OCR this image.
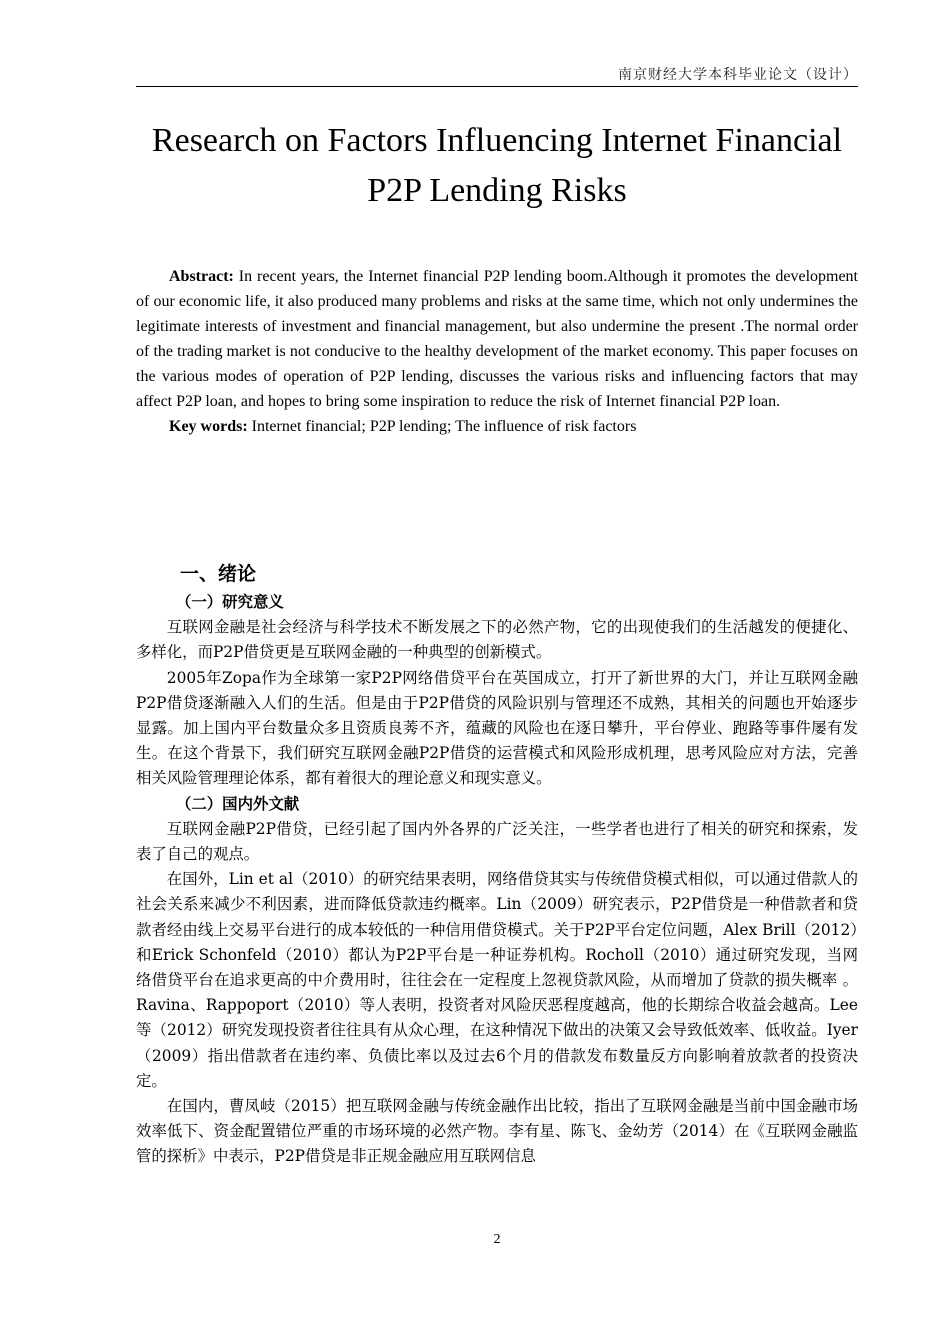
南京财经大学本科毕业论文（设计）
Research on Factors Influencing Internet Financial
P2P Lending Risks

Abstract: In recent years, the Internet financial P2P lending boom.Although it promotes the development of our economic life, it also produced many problems and risks at the same time, which not only undermines the legitimate interests of investment and financial management, but also undermine the present .The normal order of the trading market is not conducive to the healthy development of the market economy. This paper focuses on the various modes of operation of P2P lending, discusses the various risks and influencing factors that may affect P2P loan, and hopes to bring some inspiration to reduce the risk of Internet financial P2P loan.

Key words: Internet financial; P2P lending; The influence of risk factors

一、绪论
（一）研究意义

互联网金融是社会经济与科学技术不断发展之下的必然产物，它的出现使我们的生活越发的便捷化、多样化，而P2P借贷更是互联网金融的一种典型的创新模式。

2005年Zopa作为全球第一家P2P网络借贷平台在英国成立，打开了新世界的大门，并让互联网金融P2P借贷逐渐融入人们的生活。但是由于P2P借贷的风险识别与管理还不成熟，其相关的问题也开始逐步显露。加上国内平台数量众多且资质良莠不齐，蕴藏的风险也在逐日攀升，平台停业、跑路等事件屡有发生。在这个背景下，我们研究互联网金融P2P借贷的运营模式和风险形成机理，思考风险应对方法，完善相关风险管理理论体系，都有着很大的理论意义和现实意义。

（二）国内外文献

互联网金融P2P借贷，已经引起了国内外各界的广泛关注，一些学者也进行了相关的研究和探索，发表了自己的观点。

在国外，Lin et al（2010）的研究结果表明，网络借贷其实与传统借贷模式相似，可以通过借款人的社会关系来减少不利因素，进而降低贷款违约概率。Lin（2009）研究表示，P2P借贷是一种借款者和贷款者经由线上交易平台进行的成本较低的一种信用借贷模式。关于P2P平台定位问题，Alex Brill（2012）和Erick Schonfeld（2010）都认为P2P平台是一种证券机构。Rocholl（2010）通过研究发现，当网络借贷平台在追求更高的中介费用时，往往会在一定程度上忽视贷款风险，从而增加了贷款的损失概率 。Ravina、Rappoport（2010）等人表明，投资者对风险厌恶程度越高，他的长期综合收益会越高。Lee等（2012）研究发现投资者往往具有从众心理，在这种情况下做出的决策又会导致低效率、低收益。Iyer（2009）指出借款者在违约率、负债比率以及过去6个月的借款发布数量反方向影响着放款者的投资决定。

在国内，曹凤岐（2015）把互联网金融与传统金融作出比较，指出了互联网金融是当前中国金融市场效率低下、资金配置错位严重的市场环境的必然产物。李有星、陈飞、金幼芳（2014）在《互联网金融监管的探析》中表示，P2P借贷是非正规金融应用互联网信息

2
